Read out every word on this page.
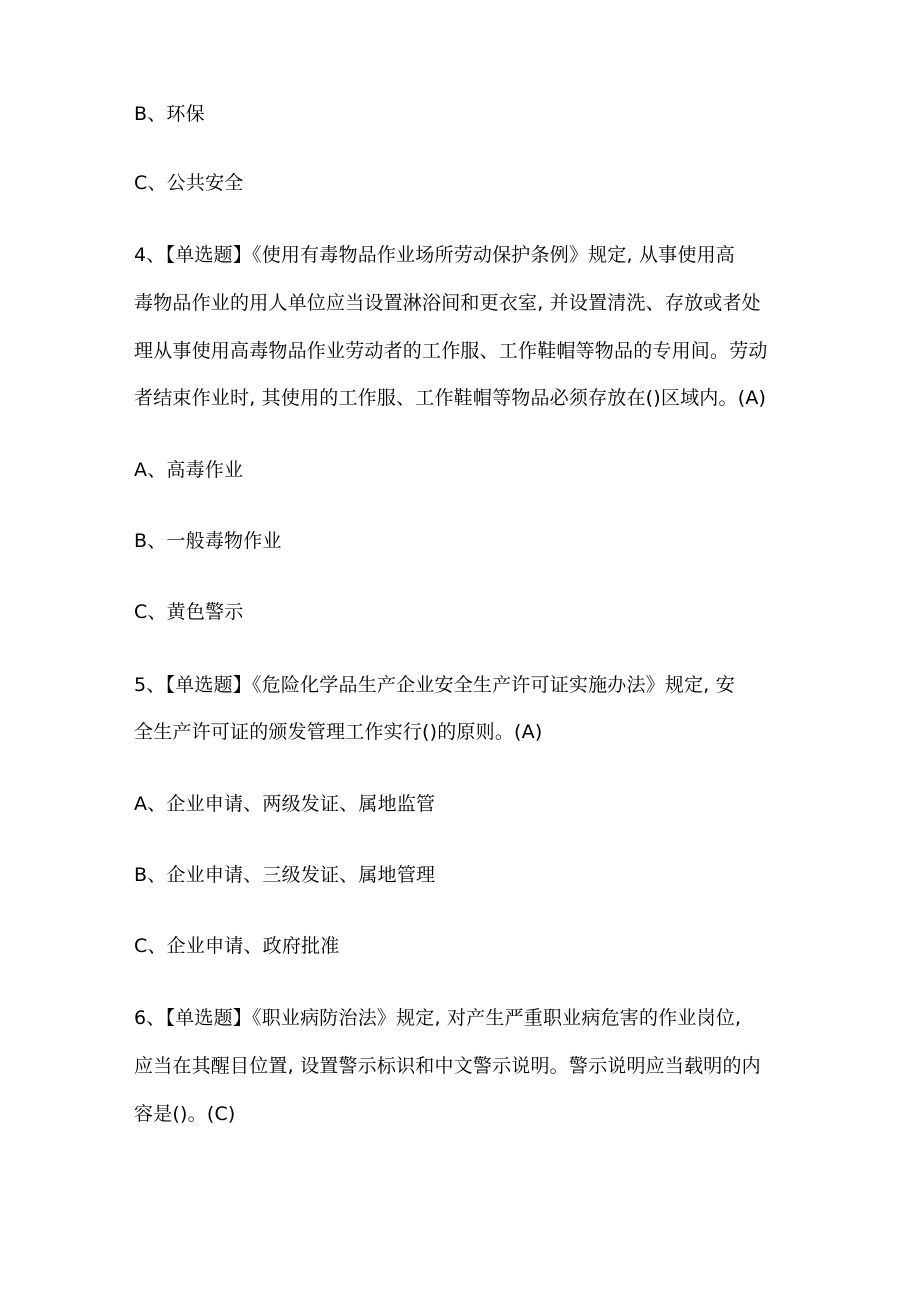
B、环保
C、公共安全
4、【单选题】《使用有毒物品作业场所劳动保护条例》规定, 从事使用高
毒物品作业的用人单位应当设置淋浴间和更衣室, 并设置清洗、存放或者处
理从事使用高毒物品作业劳动者的工作服、工作鞋帽等物品的专用间。劳动
者结束作业时, 其使用的工作服、工作鞋帽等物品必须存放在()区域内。(A)
A、高毒作业
B、一般毒物作业
C、黄色警示
5、【单选题】《危险化学品生产企业安全生产许可证实施办法》规定, 安
全生产许可证的颁发管理工作实行()的原则。(A)
A、企业申请、两级发证、属地监管
B、企业申请、三级发证、属地管理
C、企业申请、政府批准
6、【单选题】《职业病防治法》规定, 对产生严重职业病危害的作业岗位,
应当在其醒目位置, 设置警示标识和中文警示说明。警示说明应当载明的内
容是()。(C)
